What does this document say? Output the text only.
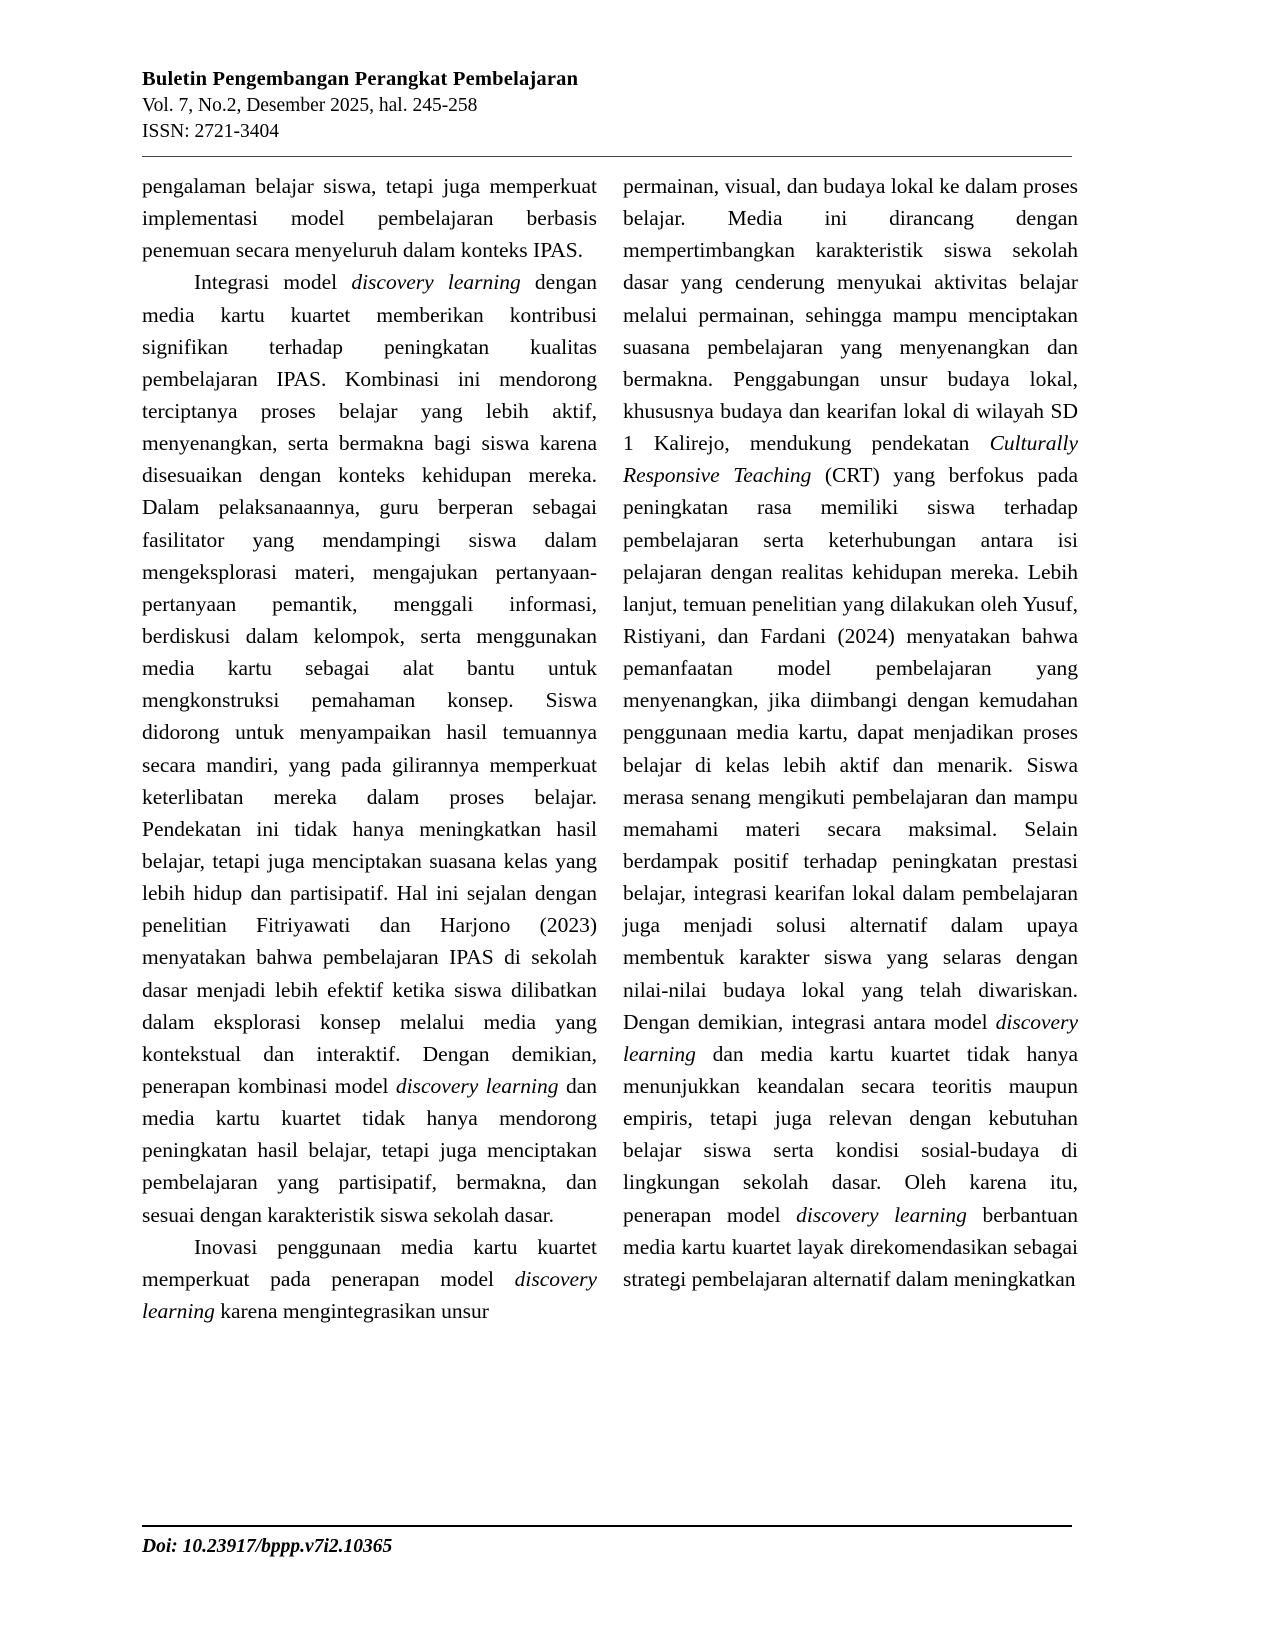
Buletin Pengembangan Perangkat Pembelajaran
Vol. 7, No.2, Desember 2025, hal. 245-258
ISSN: 2721-3404

pengalaman belajar siswa, tetapi juga memperkuat implementasi model pembelajaran berbasis penemuan secara menyeluruh dalam konteks IPAS.

Integrasi model discovery learning dengan media kartu kuartet memberikan kontribusi signifikan terhadap peningkatan kualitas pembelajaran IPAS. Kombinasi ini mendorong terciptanya proses belajar yang lebih aktif, menyenangkan, serta bermakna bagi siswa karena disesuaikan dengan konteks kehidupan mereka. Dalam pelaksanaannya, guru berperan sebagai fasilitator yang mendampingi siswa dalam mengeksplorasi materi, mengajukan pertanyaan-pertanyaan pemantik, menggali informasi, berdiskusi dalam kelompok, serta menggunakan media kartu sebagai alat bantu untuk mengkonstruksi pemahaman konsep. Siswa didorong untuk menyampaikan hasil temuannya secara mandiri, yang pada gilirannya memperkuat keterlibatan mereka dalam proses belajar. Pendekatan ini tidak hanya meningkatkan hasil belajar, tetapi juga menciptakan suasana kelas yang lebih hidup dan partisipatif. Hal ini sejalan dengan penelitian Fitriyawati dan Harjono (2023) menyatakan bahwa pembelajaran IPAS di sekolah dasar menjadi lebih efektif ketika siswa dilibatkan dalam eksplorasi konsep melalui media yang kontekstual dan interaktif. Dengan demikian, penerapan kombinasi model discovery learning dan media kartu kuartet tidak hanya mendorong peningkatan hasil belajar, tetapi juga menciptakan pembelajaran yang partisipatif, bermakna, dan sesuai dengan karakteristik siswa sekolah dasar.

Inovasi penggunaan media kartu kuartet memperkuat pada penerapan model discovery learning karena mengintegrasikan unsur

permainan, visual, dan budaya lokal ke dalam proses belajar. Media ini dirancang dengan mempertimbangkan karakteristik siswa sekolah dasar yang cenderung menyukai aktivitas belajar melalui permainan, sehingga mampu menciptakan suasana pembelajaran yang menyenangkan dan bermakna. Penggabungan unsur budaya lokal, khususnya budaya dan kearifan lokal di wilayah SD 1 Kalirejo, mendukung pendekatan Culturally Responsive Teaching (CRT) yang berfokus pada peningkatan rasa memiliki siswa terhadap pembelajaran serta keterhubungan antara isi pelajaran dengan realitas kehidupan mereka. Lebih lanjut, temuan penelitian yang dilakukan oleh Yusuf, Ristiyani, dan Fardani (2024) menyatakan bahwa pemanfaatan model pembelajaran yang menyenangkan, jika diimbangi dengan kemudahan penggunaan media kartu, dapat menjadikan proses belajar di kelas lebih aktif dan menarik. Siswa merasa senang mengikuti pembelajaran dan mampu memahami materi secara maksimal. Selain berdampak positif terhadap peningkatan prestasi belajar, integrasi kearifan lokal dalam pembelajaran juga menjadi solusi alternatif dalam upaya membentuk karakter siswa yang selaras dengan nilai-nilai budaya lokal yang telah diwariskan. Dengan demikian, integrasi antara model discovery learning dan media kartu kuartet tidak hanya menunjukkan keandalan secara teoritis maupun empiris, tetapi juga relevan dengan kebutuhan belajar siswa serta kondisi sosial-budaya di lingkungan sekolah dasar. Oleh karena itu, penerapan model discovery learning berbantuan media kartu kuartet layak direkomendasikan sebagai strategi pembelajaran alternatif dalam meningkatkan

Doi: 10.23917/bppp.v7i2.10365
